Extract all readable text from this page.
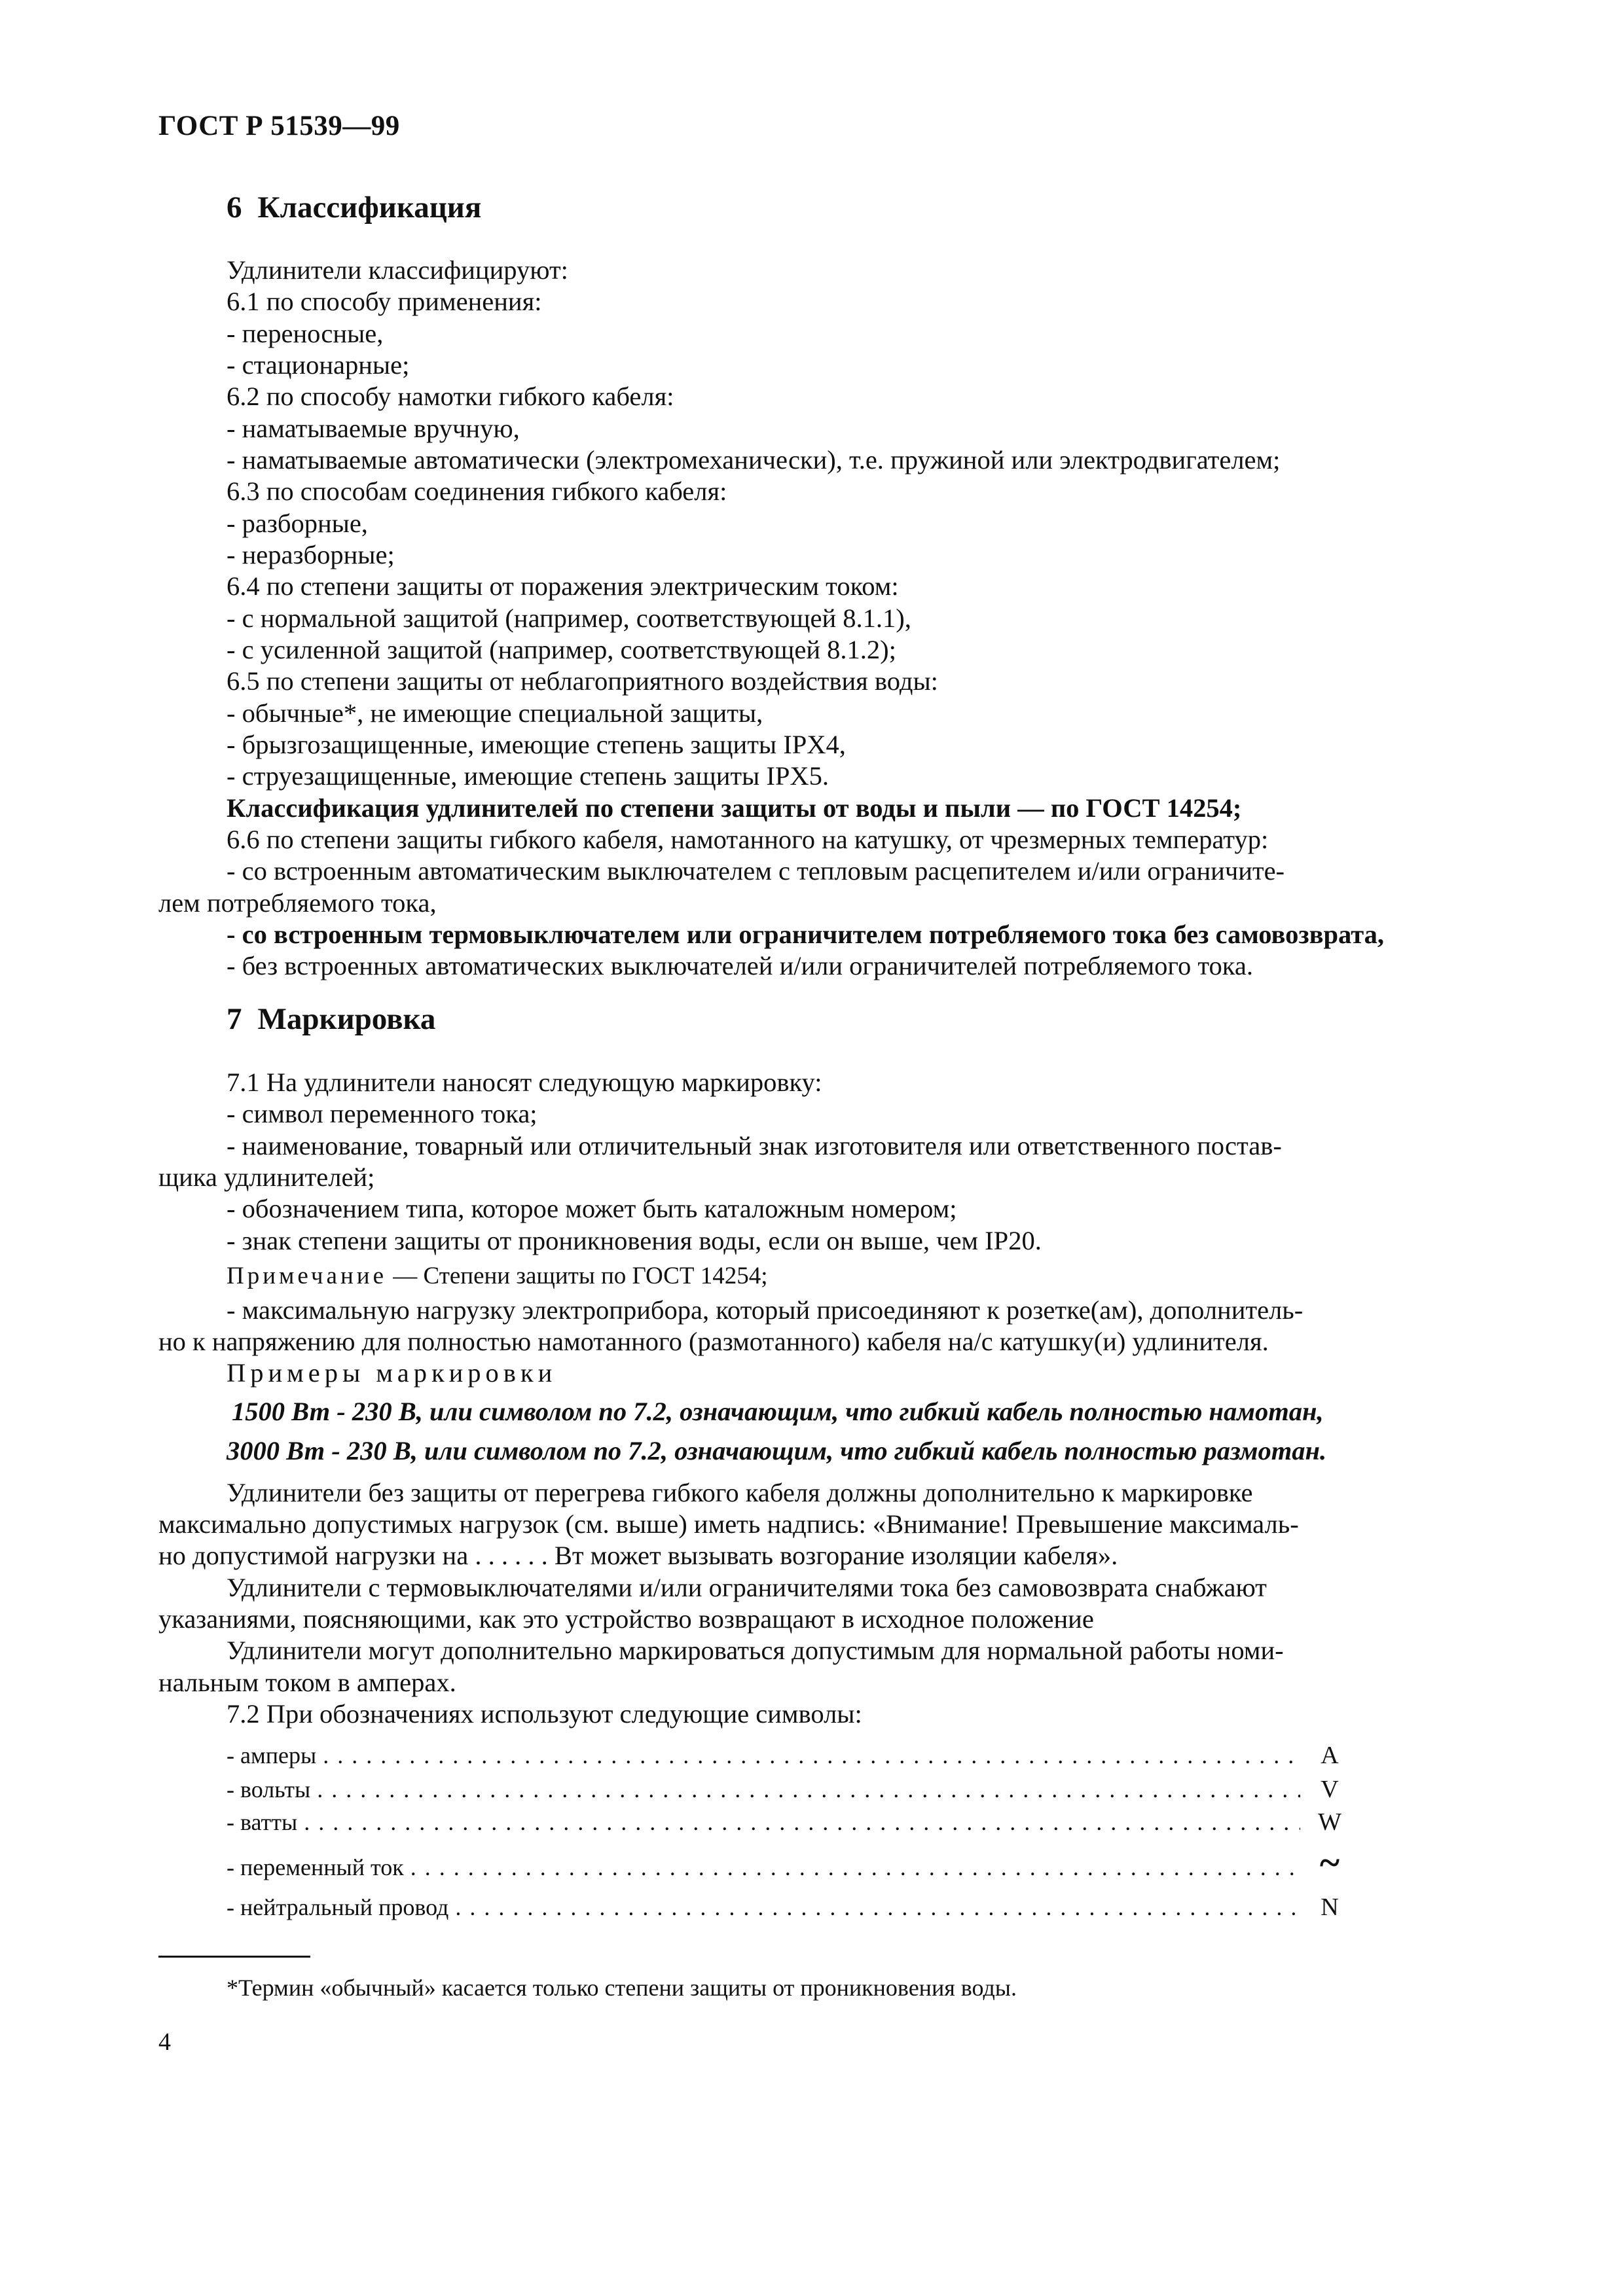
ГОСТ Р 51539—99
6 Классификация
Удлинители классифицируют:
6.1 по способу применения:
- переносные,
- стационарные;
6.2 по способу намотки гибкого кабеля:
- наматываемые вручную,
- наматываемые автоматически (электромеханически), т.е. пружиной или электродвигателем;
6.3 по способам соединения гибкого кабеля:
- разборные,
- неразборные;
6.4 по степени защиты от поражения электрическим током:
- с нормальной защитой (например, соответствующей 8.1.1),
- с усиленной защитой (например, соответствующей 8.1.2);
6.5 по степени защиты от неблагоприятного воздействия воды:
- обычные*, не имеющие специальной защиты,
- брызгозащищенные, имеющие степень защиты IPX4,
- струезащищенные, имеющие степень защиты IPX5.
Классификация удлинителей по степени защиты от воды и пыли — по ГОСТ 14254;
6.6 по степени защиты гибкого кабеля, намотанного на катушку, от чрезмерных температур:
- со встроенным автоматическим выключателем с тепловым расцепителем и/или ограничите-
лем потребляемого тока,
- со встроенным термовыключателем или ограничителем потребляемого тока без самовозврата,
- без встроенных автоматических выключателей и/или ограничителей потребляемого тока.
7 Маркировка
7.1 На удлинители наносят следующую маркировку:
- символ переменного тока;
- наименование, товарный или отличительный знак изготовителя или ответственного постав-
щика удлинителей;
- обозначением типа, которое может быть каталожным номером;
- знак степени защиты от проникновения воды, если он выше, чем IP20.
Примечание — Степени защиты по ГОСТ 14254;
- максимальную нагрузку электроприбора, который присоединяют к розетке(ам), дополнитель-
но к напряжению для полностью намотанного (размотанного) кабеля на/с катушку(и) удлинителя.
Примеры маркировки
1500 Вт - 230 В, или символом по 7.2, означающим, что гибкий кабель полностью намотан,
3000 Вт - 230 В, или символом по 7.2, означающим, что гибкий кабель полностью размотан.
Удлинители без защиты от перегрева гибкого кабеля должны дополнительно к маркировке
максимально допустимых нагрузок (см. выше) иметь надпись: «Внимание! Превышение максималь-
но допустимой нагрузки на . . . . . . Вт может вызывать возгорание изоляции кабеля».
Удлинители с термовыключателями и/или ограничителями тока без самовозврата снабжают
указаниями, поясняющими, как это устройство возвращают в исходное положение
Удлинители могут дополнительно маркироваться допустимым для нормальной работы номи-
нальным током в амперах.
7.2 При обозначениях используют следующие символы:
- амперы . . .	A
- вольты . . .	V
- ватты . . .	W
- переменный ток . . .	~
- нейтральный провод . . .	N
*Термин «обычный» касается только степени защиты от проникновения воды.
4
